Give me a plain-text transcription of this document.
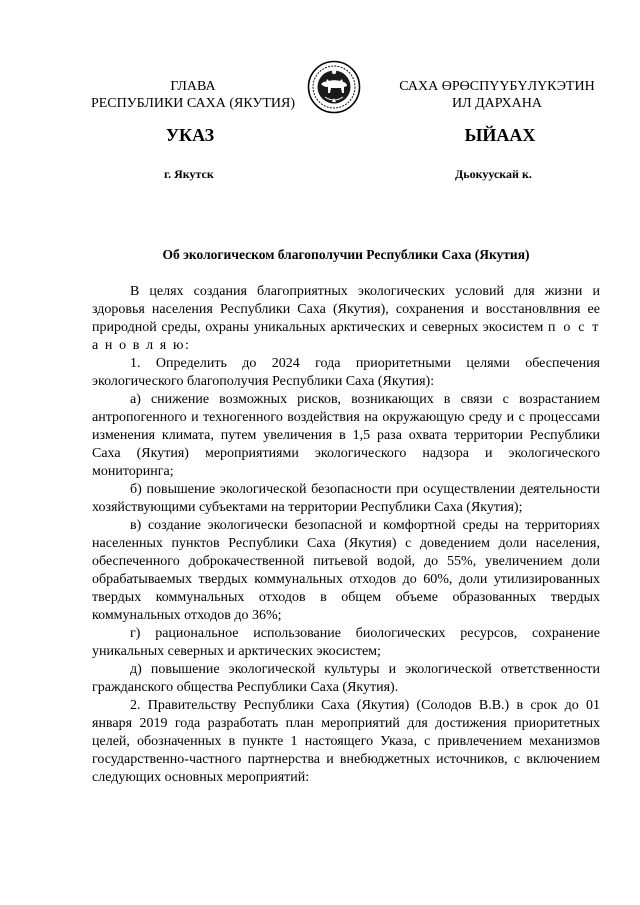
ГЛАВА
РЕСПУБЛИКИ САХА (ЯКУТИЯ)
САХА ӨРӨСПҮҮБҮЛҮКЭТИН
ИЛ ДАРХАНА
УКАЗ	ЫЙААХ
г. Якутск	Дьокуускай к.
Об экологическом благополучии Республики Саха (Якутия)

В целях создания благоприятных экологических условий для жизни и здоровья населения Республики Саха (Якутия), сохранения и восстановлвния ее природной среды, охраны уникальных арктических и северных экосистем п о с т а н о в л я ю:

1. Определить до 2024 года приоритетными целями обеспечения экологического благополучия Республики Саха (Якутия):

а) снижение возможных рисков, возникающих в связи с возрастанием антропогенного и техногенного воздействия на окружающую среду и с процессами изменения климата, путем увеличения в 1,5 раза охвата территории Республики Саха (Якутия) мероприятиями экологического надзора и экологического мониторинга;

б) повышение экологической безопасности при осуществлении деятельности хозяйствующими субъектами на территории Республики Саха (Якутия);

в) создание экологически безопасной и комфортной среды на территориях населенных пунктов Республики Саха (Якутия) с доведением доли населения, обеспеченного доброкачественной питьевой водой, до 55%, увеличением доли обрабатываемых твердых коммунальных отходов до 60%, доли утилизированных твердых коммунальных отходов в общем объеме образованных твердых коммунальных отходов до 36%;

г) рациональное использование биологических ресурсов, сохранение уникальных северных и арктических экосистем;

д) повышение экологической культуры и экологической ответственности гражданского общества Республики Саха (Якутия).

2. Правительству Республики Саха (Якутия) (Солодов В.В.) в срок до 01 января 2019 года разработать план мероприятий для достижения приоритетных целей, обозначенных в пункте 1 настоящего Указа, с привлечением механизмов государственно-частного партнерства и внебюджетных источников, с включением следующих основных мероприятий:
